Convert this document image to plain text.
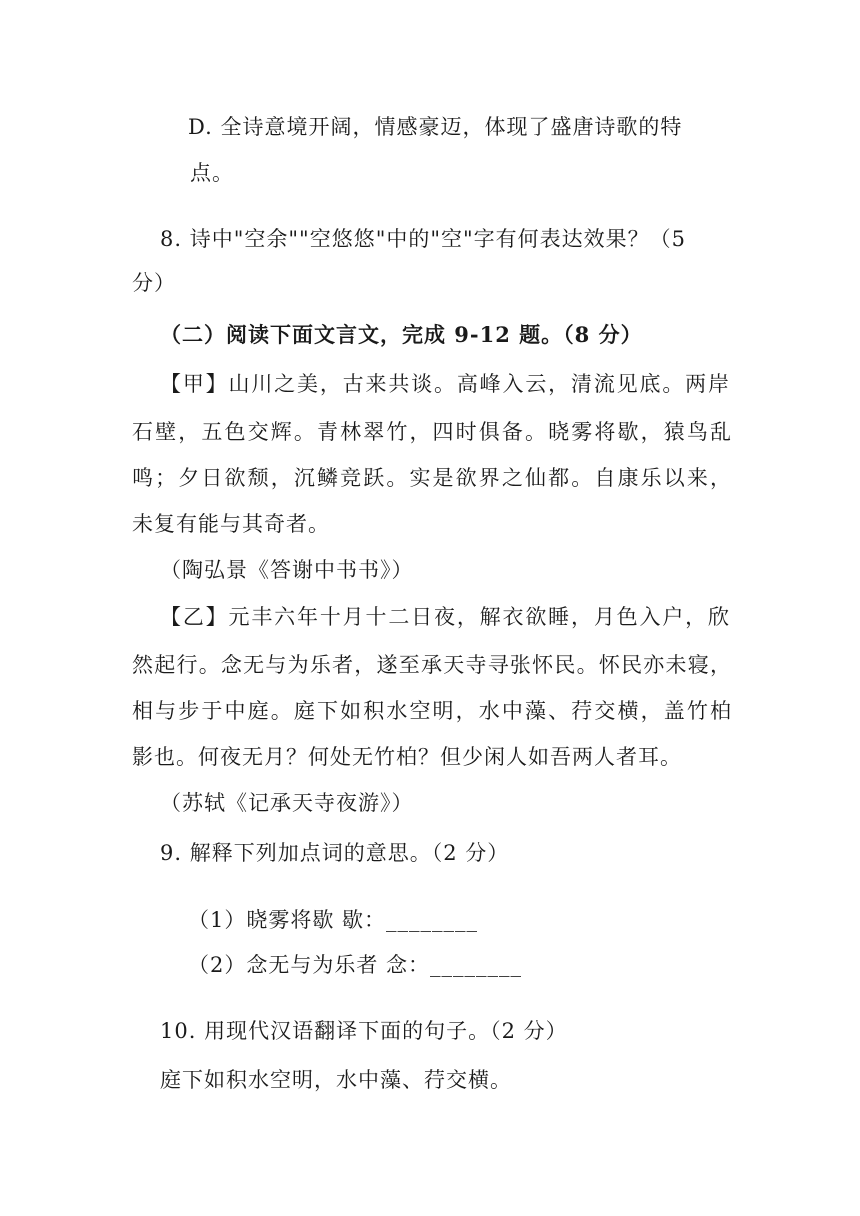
D. 全诗意境开阔，情感豪迈，体现了盛唐诗歌的特
点。
8. 诗中"空余""空悠悠"中的"空"字有何表达效果？（5
分）
（二）阅读下面文言文，完成 9-12 题。（8 分）
【甲】山川之美，古来共谈。高峰入云，清流见底。两岸
石壁，五色交辉。青林翠竹，四时俱备。晓雾将歇，猿鸟乱
鸣；夕日欲颓，沉鳞竞跃。实是欲界之仙都。自康乐以来，
未复有能与其奇者。
（陶弘景《答谢中书书》）
【乙】元丰六年十月十二日夜，解衣欲睡，月色入户，欣
然起行。念无与为乐者，遂至承天寺寻张怀民。怀民亦未寝，
相与步于中庭。庭下如积水空明，水中藻、荇交横，盖竹柏
影也。何夜无月？何处无竹柏？但少闲人如吾两人者耳。
（苏轼《记承天寺夜游》）
9. 解释下列加点词的意思。（2 分）
（1）晓雾将歇 歇：________
（2）念无与为乐者 念：________
10. 用现代汉语翻译下面的句子。（2 分）
庭下如积水空明，水中藻、荇交横。
